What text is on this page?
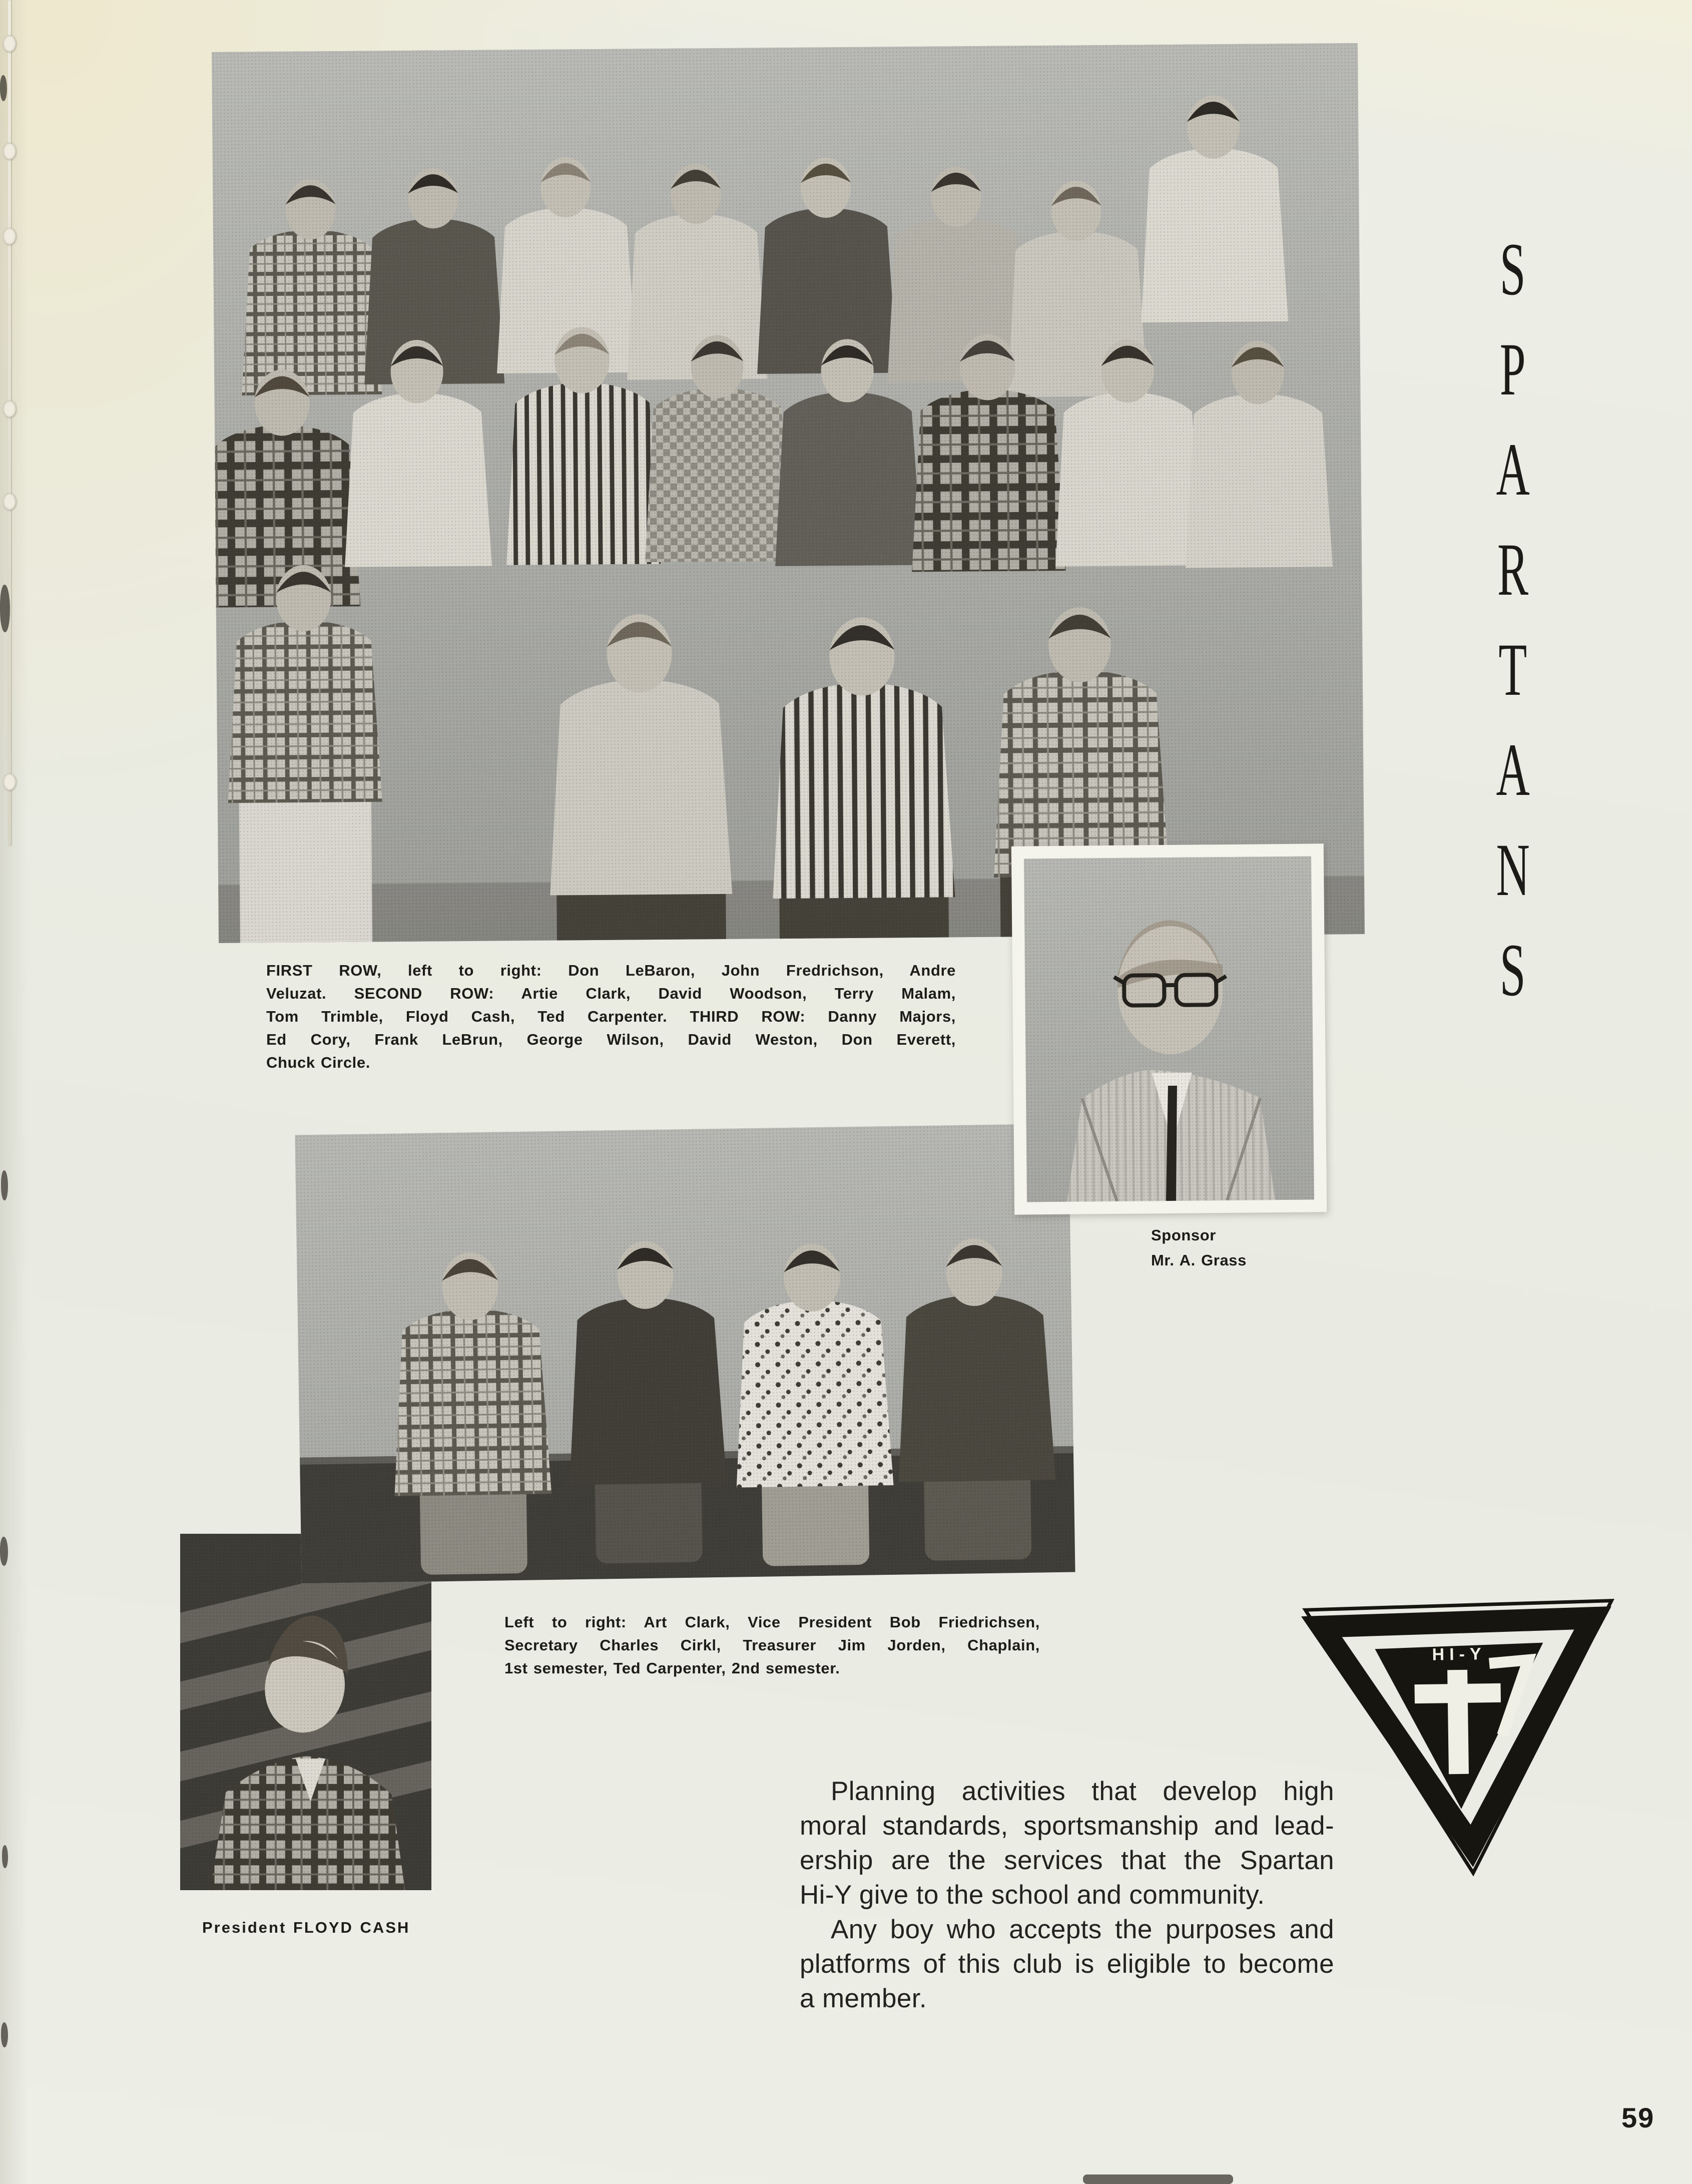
S
P
A
R
T
A
N
S
FIRST ROW, left to right: Don LeBaron, John Fredrichson, Andre
Veluzat. SECOND ROW: Artie Clark, David Woodson, Terry Malam,
Tom Trimble, Floyd Cash, Ted Carpenter. THIRD ROW: Danny Majors,
Ed Cory, Frank LeBrun, George Wilson, David Weston, Don Everett,
Chuck Circle.
Sponsor
Mr. A. Grass
Left to right: Art Clark, Vice President Bob Friedrichsen,
Secretary Charles Cirkl, Treasurer Jim Jorden, Chaplain,
1st semester, Ted Carpenter, 2nd semester.
President FLOYD CASH
Planning activities that develop high
moral standards, sportsmanship and lead-
ership are the services that the Spartan
Hi-Y give to the school and community.
Any boy who accepts the purposes and
platforms of this club is eligible to become
a member.
HI-Y
59
